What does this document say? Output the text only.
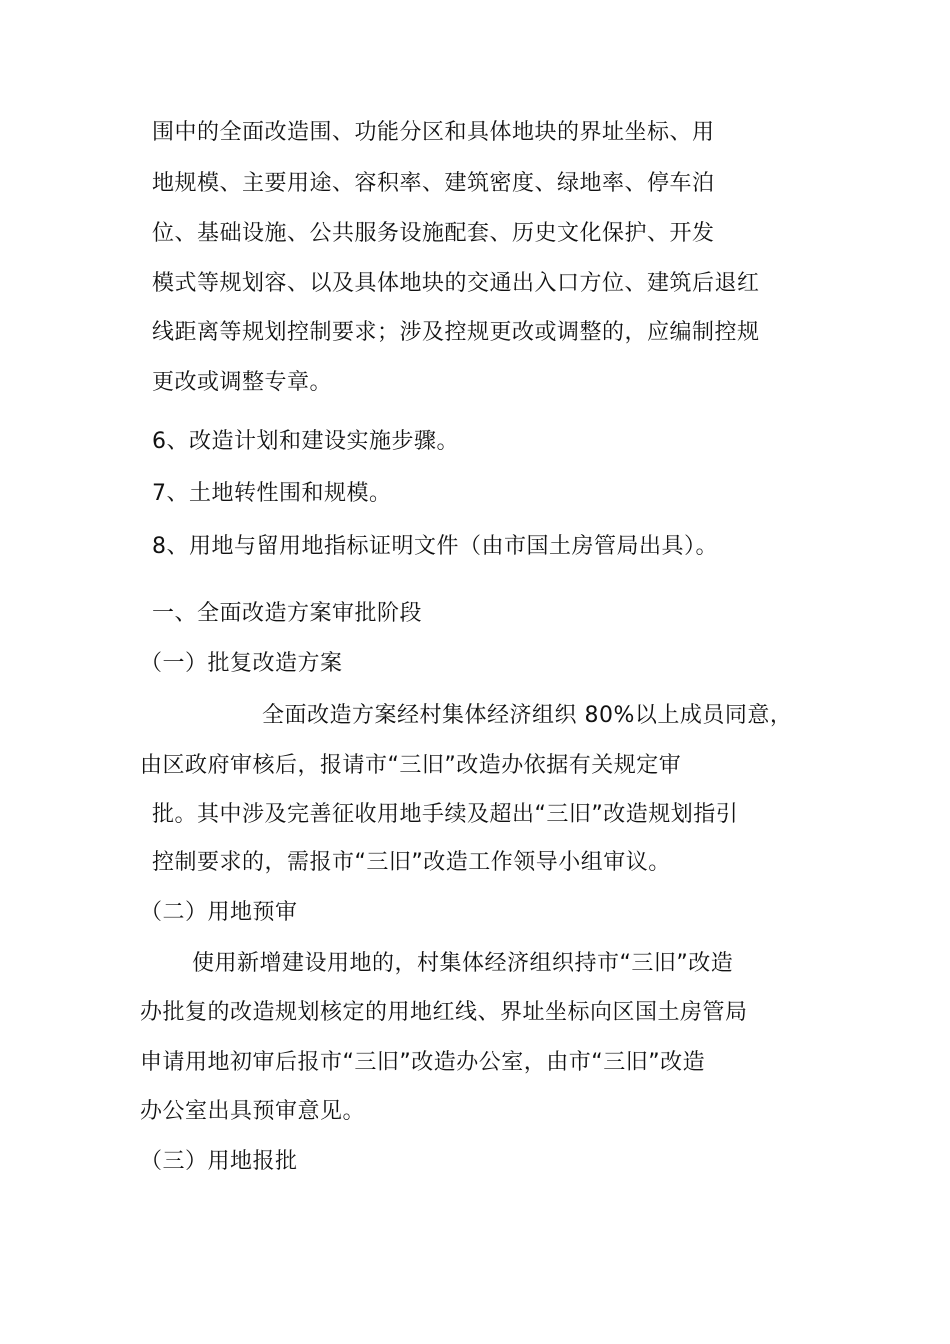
围中的全面改造围、功能分区和具体地块的界址坐标、用
地规模、主要用途、容积率、建筑密度、绿地率、停车泊
位、基础设施、公共服务设施配套、历史文化保护、开发
模式等规划容、以及具体地块的交通出入口方位、建筑后退红
线距离等规划控制要求；涉及控规更改或调整的，应编制控规
更改或调整专章。
6、改造计划和建设实施步骤。
7、土地转性围和规模。
8、用地与留用地指标证明文件（由市国土房管局出具）。
一、全面改造方案审批阶段
（一）批复改造方案
全面改造方案经村集体经济组织 80%以上成员同意，
由区政府审核后，报请市“三旧”改造办依据有关规定审
批。其中涉及完善征收用地手续及超出“三旧”改造规划指引
控制要求的，需报市“三旧”改造工作领导小组审议。
（二）用地预审
使用新增建设用地的，村集体经济组织持市“三旧”改造
办批复的改造规划核定的用地红线、界址坐标向区国土房管局
申请用地初审后报市“三旧”改造办公室，由市“三旧”改造
办公室出具预审意见。
（三）用地报批
